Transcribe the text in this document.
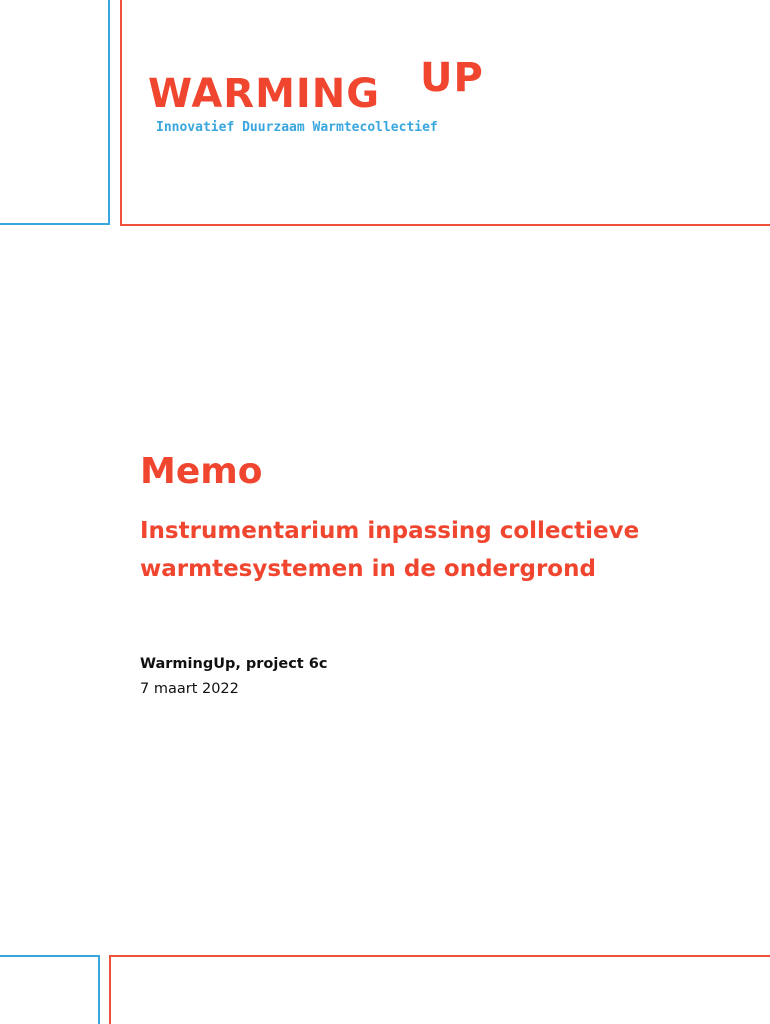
WARMING UP
Innovatief Duurzaam Warmtecollectief
Memo
Instrumentarium inpassing collectieve warmtesystemen in de ondergrond
WarmingUp, project 6c
7 maart 2022
